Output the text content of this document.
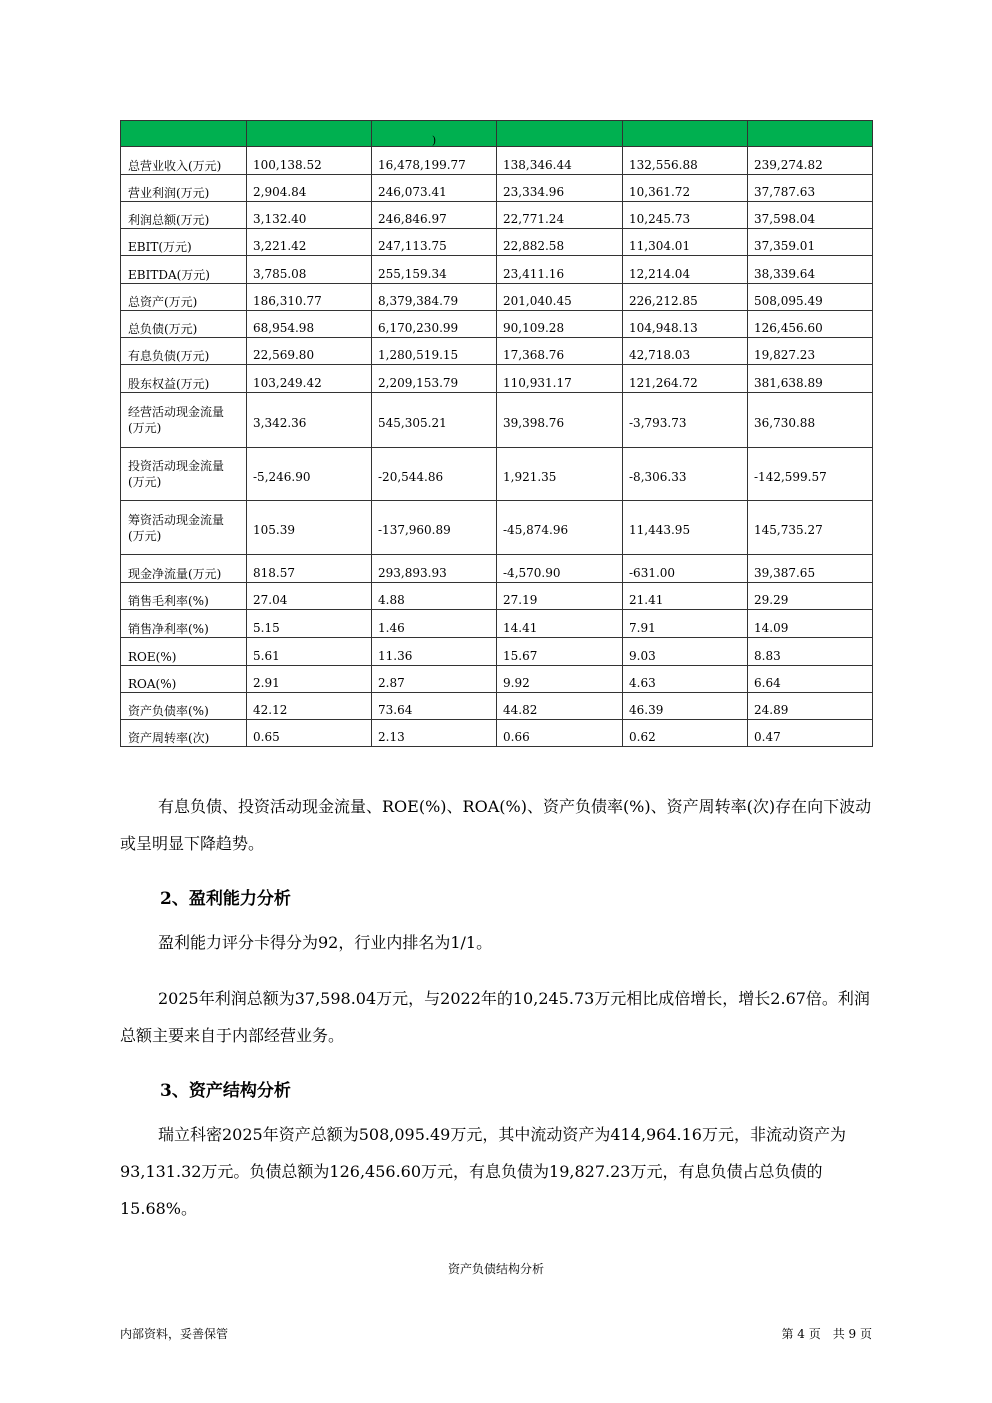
		)			

总营业收入(万元)	100,138.52	16,478,199.77	138,346.44	132,556.88	239,274.82
营业利润(万元)	2,904.84	246,073.41	23,334.96	10,361.72	37,787.63
利润总额(万元)	3,132.40	246,846.97	22,771.24	10,245.73	37,598.04
EBIT(万元)	3,221.42	247,113.75	22,882.58	11,304.01	37,359.01
EBITDA(万元)	3,785.08	255,159.34	23,411.16	12,214.04	38,339.64
总资产(万元)	186,310.77	8,379,384.79	201,040.45	226,212.85	508,095.49
总负债(万元)	68,954.98	6,170,230.99	90,109.28	104,948.13	126,456.60
有息负债(万元)	22,569.80	1,280,519.15	17,368.76	42,718.03	19,827.23
股东权益(万元)	103,249.42	2,209,153.79	110,931.17	121,264.72	381,638.89
经营活动现金流量(万元)	3,342.36	545,305.21	39,398.76	-3,793.73	36,730.88
投资活动现金流量(万元)	-5,246.90	-20,544.86	1,921.35	-8,306.33	-142,599.57
筹资活动现金流量(万元)	105.39	-137,960.89	-45,874.96	11,443.95	145,735.27
现金净流量(万元)	818.57	293,893.93	-4,570.90	-631.00	39,387.65
销售毛利率(%)	27.04	4.88	27.19	21.41	29.29
销售净利率(%)	5.15	1.46	14.41	7.91	14.09
ROE(%)	5.61	11.36	15.67	9.03	8.83
ROA(%)	2.91	2.87	9.92	4.63	6.64
资产负债率(%)	42.12	73.64	44.82	46.39	24.89
资产周转率(次)	0.65	2.13	0.66	0.62	0.47
有息负债、投资活动现金流量、ROE(%)、ROA(%)、资产负债率(%)、资产周转率(次)存在向下波动或呈明显下降趋势。
2、盈利能力分析
盈利能力评分卡得分为92，行业内排名为1/1。
2025年利润总额为37,598.04万元，与2022年的10,245.73万元相比成倍增长，增长2.67倍。利润总额主要来自于内部经营业务。
3、资产结构分析
瑞立科密2025年资产总额为508,095.49万元，其中流动资产为414,964.16万元，非流动资产为93,131.32万元。负债总额为126,456.60万元，有息负债为19,827.23万元，有息负债占总负债的15.68%。
资产负债结构分析
内部资料，妥善保管	第 4 页　共 9 页
